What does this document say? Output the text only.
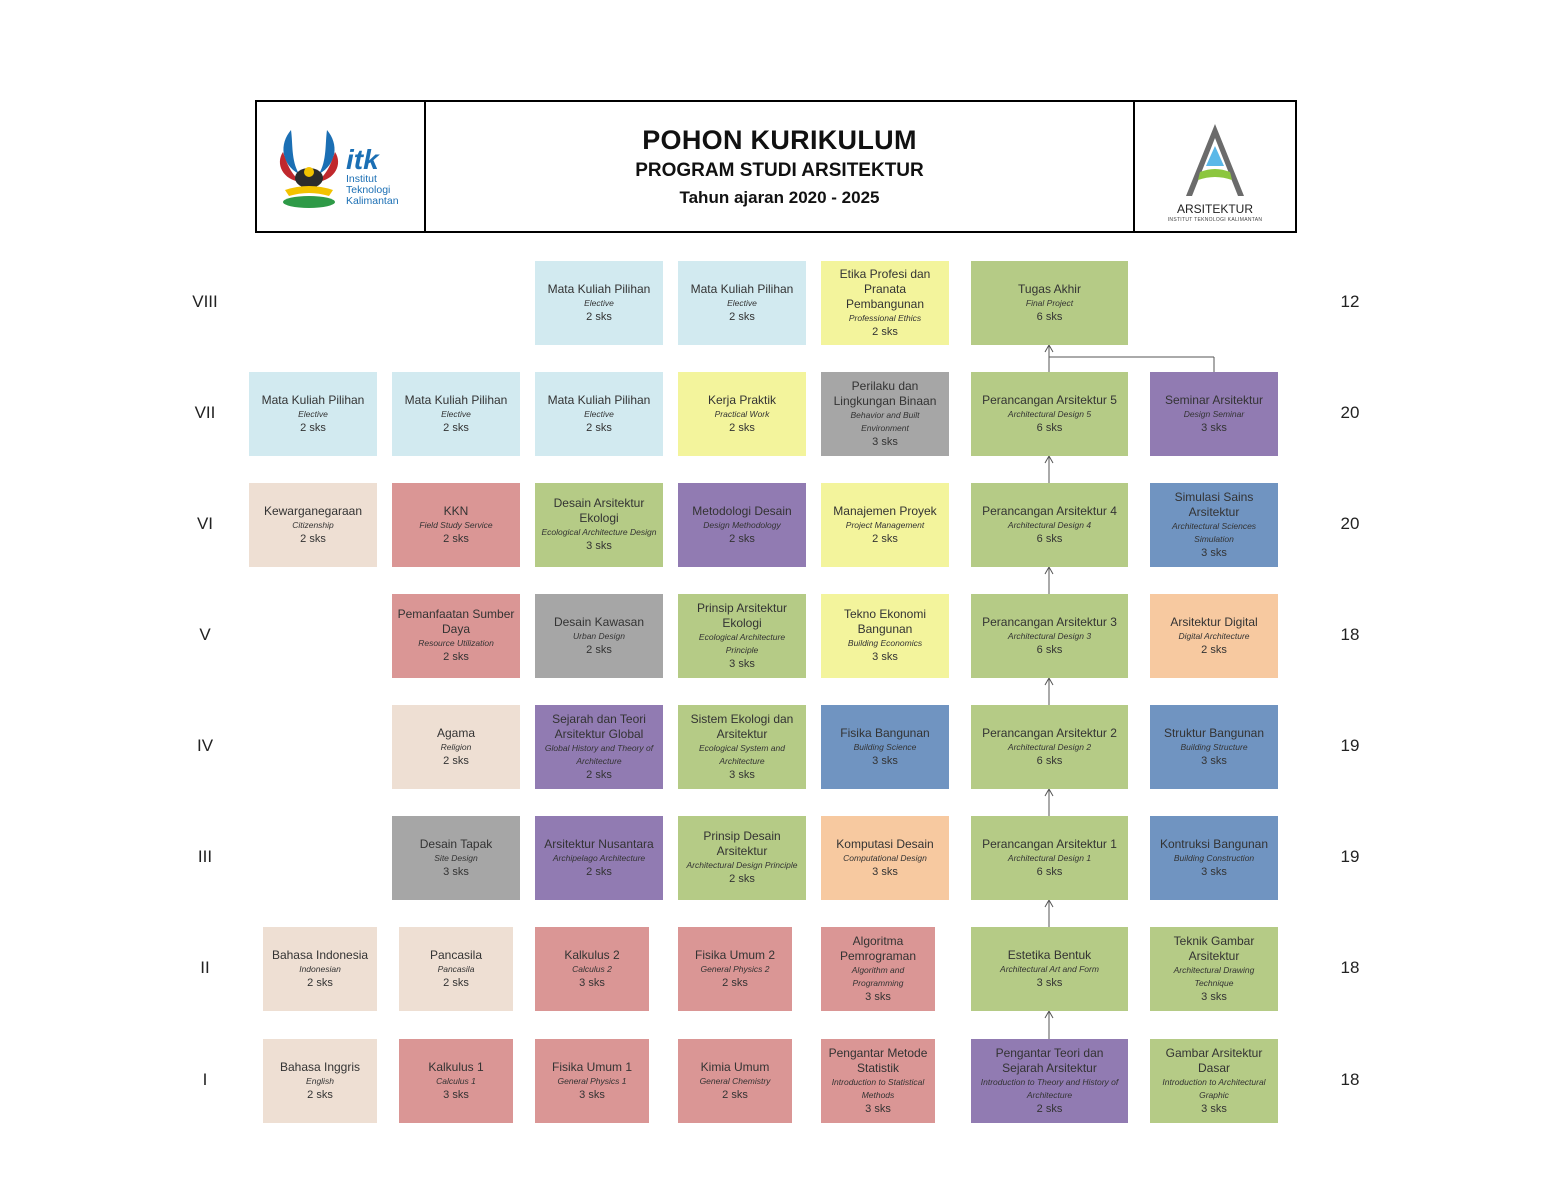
itk
Institut
Teknologi
Kalimantan
POHON KURIKULUM
PROGRAM STUDI ARSITEKTUR
Tahun ajaran 2020 - 2025
ARSITEKTUR
INSTITUT TEKNOLOGI KALIMANTAN
VIII	12
Mata Kuliah Pilihan
Elective
2 sks
Mata Kuliah Pilihan
Elective
2 sks
Etika Profesi dan Pranata Pembangunan
Professional Ethics
2 sks
Tugas Akhir
Final Project
6 sks
VII	20
Mata Kuliah Pilihan
Elective
2 sks
Mata Kuliah Pilihan
Elective
2 sks
Mata Kuliah Pilihan
Elective
2 sks
Kerja Praktik
Practical Work
2 sks
Perilaku dan Lingkungan Binaan
Behavior and Built Environment
3 sks
Perancangan Arsitektur 5
Architectural Design 5
6 sks
Seminar Arsitektur
Design Seminar
3 sks
VI	20
Kewarganegaraan
Citizenship
2 sks
KKN
Field Study Service
2 sks
Desain Arsitektur Ekologi
Ecological Architecture Design
3 sks
Metodologi Desain
Design Methodology
2 sks
Manajemen Proyek
Project Management
2 sks
Perancangan Arsitektur 4
Architectural Design 4
6 sks
Simulasi Sains Arsitektur
Architectural Sciences Simulation
3 sks
V	18
Pemanfaatan Sumber Daya
Resource Utilization
2 sks
Desain Kawasan
Urban Design
2 sks
Prinsip Arsitektur Ekologi
Ecological Architecture Principle
3 sks
Tekno Ekonomi Bangunan
Building Economics
3 sks
Perancangan Arsitektur 3
Architectural Design 3
6 sks
Arsitektur Digital
Digital Architecture
2 sks
IV	19
Agama
Religion
2 sks
Sejarah dan Teori Arsitektur Global
Global History and Theory of Architecture
2 sks
Sistem Ekologi dan Arsitektur
Ecological System and Architecture
3 sks
Fisika Bangunan
Building Science
3 sks
Perancangan Arsitektur 2
Architectural Design 2
6 sks
Struktur Bangunan
Building Structure
3 sks
III	19
Desain Tapak
Site Design
3 sks
Arsitektur Nusantara
Archipelago Architecture
2 sks
Prinsip Desain Arsitektur
Architectural Design Principle
2 sks
Komputasi Desain
Computational Design
3 sks
Perancangan Arsitektur 1
Architectural Design 1
6 sks
Kontruksi Bangunan
Building Construction
3 sks
II	18
Bahasa Indonesia
Indonesian
2 sks
Pancasila
Pancasila
2 sks
Kalkulus 2
Calculus 2
3 sks
Fisika Umum 2
General Physics 2
2 sks
Algoritma Pemrograman
Algorithm and Programming
3 sks
Estetika Bentuk
Architectural Art and Form
3 sks
Teknik Gambar Arsitektur
Architectural Drawing Technique
3 sks
I	18
Bahasa Inggris
English
2 sks
Kalkulus 1
Calculus 1
3 sks
Fisika Umum 1
General Physics 1
3 sks
Kimia Umum
General Chemistry
2 sks
Pengantar Metode Statistik
Introduction to Statistical Methods
3 sks
Pengantar Teori dan Sejarah Arsitektur
Introduction to Theory and History of Architecture
2 sks
Gambar Arsitektur Dasar
Introduction to Architectural Graphic
3 sks
